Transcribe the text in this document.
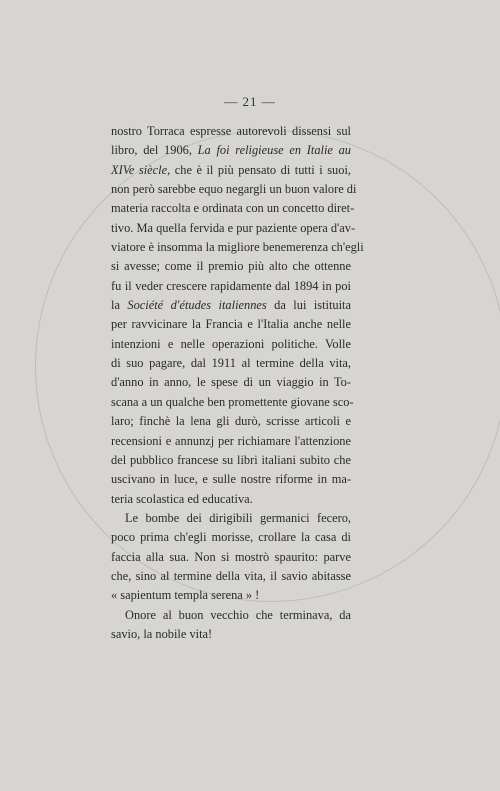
— 21 —
nostro Torraca espresse autorevoli dissensi sul
libro, del 1906, La foi religieuse en Italie au
XIVe siècle, che è il più pensato di tutti i suoi,
non però sarebbe equo negargli un buon valore di
materia raccolta e ordinata con un concetto diret-
tivo. Ma quella fervida e pur paziente opera d'av-
viatore è insomma la migliore benemerenza ch'egli
si avesse; come il premio più alto che ottenne
fu il veder crescere rapidamente dal 1894 in poi
la Société d'études italiennes da lui istituita
per ravvicinare la Francia e l'Italia anche nelle
intenzioni e nelle operazioni politiche. Volle
di suo pagare, dal 1911 al termine della vita,
d'anno in anno, le spese di un viaggio in To-
scana a un qualche ben promettente giovane sco-
laro; finchè la lena gli durò, scrisse articoli e
recensioni e annunzj per richiamare l'attenzione
del pubblico francese su libri italiani subito che
uscivano in luce, e sulle nostre riforme in ma-
teria scolastica ed educativa.
Le bombe dei dirigibili germanici fecero,
poco prima ch'egli morisse, crollare la casa di
faccia alla sua. Non si mostrò spaurito: parve
che, sino al termine della vita, il savio abitasse
« sapientum templa serena » !
Onore al buon vecchio che terminava, da
savio, la nobile vita!
